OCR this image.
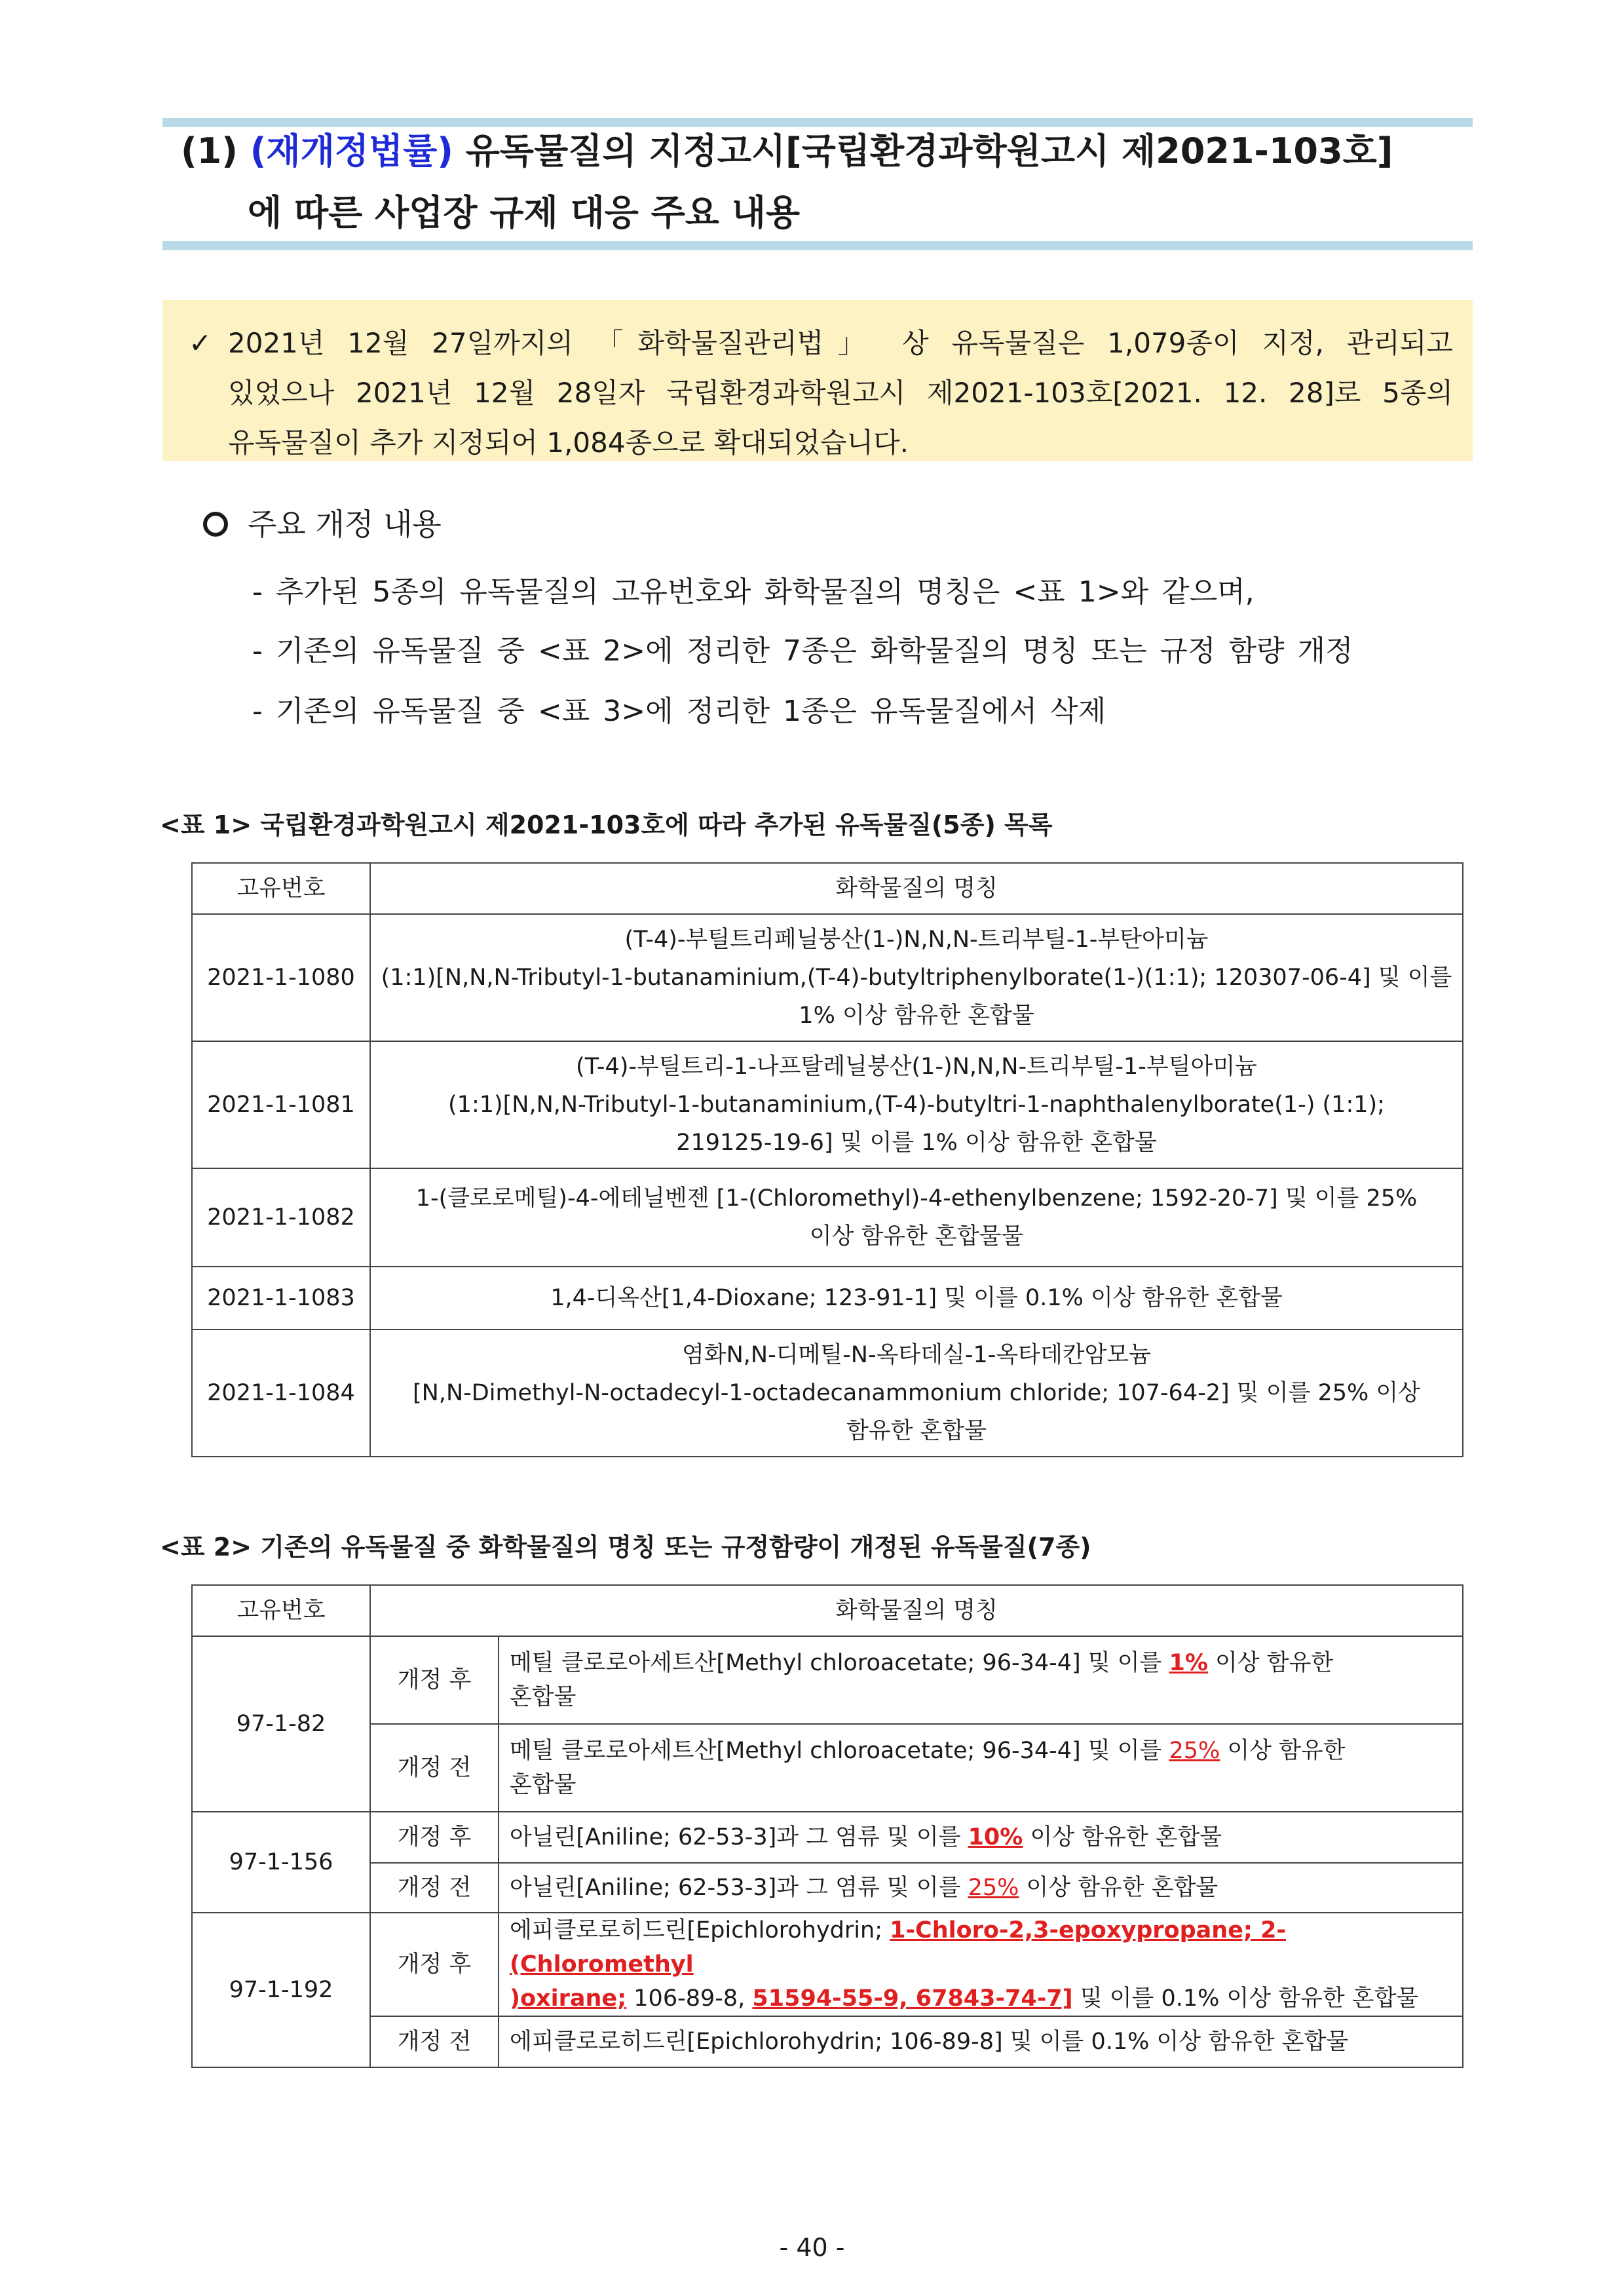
(1) (재개정법률) 유독물질의 지정고시[국립환경과학원고시 제2021-103호]
에 따른 사업장 규제 대응 주요 내용
✓ 2021년 12월 27일까지의 「화학물질관리법」 상 유독물질은 1,079종이 지정, 관리되고
있었으나 2021년 12월 28일자 국립환경과학원고시 제2021-103호[2021. 12. 28]로 5종의
유독물질이 추가 지정되어 1,084종으로 확대되었습니다.
주요 개정 내용
- 추가된 5종의 유독물질의 고유번호와 화학물질의 명칭은 <표 1>와 같으며,
- 기존의 유독물질 중 <표 2>에 정리한 7종은 화학물질의 명칭 또는 규정 함량 개정
- 기존의 유독물질 중 <표 3>에 정리한 1종은 유독물질에서 삭제
<표 1> 국립환경과학원고시 제2021-103호에 따라 추가된 유독물질(5종) 목록
고유번호	화학물질의 명칭
2021-1-1080	(T-4)-부틸트리페닐붕산(1-)N,N,N-트리부틸-1-부탄아미늄
(1:1)[N,N,N-Tributyl-1-butanaminium,(T-4)-butyltriphenylborate(1-)(1:1); 120307-06-4] 및 이를
1% 이상 함유한 혼합물

2021-1-1081	(T-4)-부틸트리-1-나프탈레닐붕산(1-)N,N,N-트리부틸-1-부틸아미늄
(1:1)[N,N,N-Tributyl-1-butanaminium,(T-4)-butyltri-1-naphthalenylborate(1-) (1:1);
219125-19-6] 및 이를 1% 이상 함유한 혼합물

2021-1-1082	1-(클로로메틸)-4-에테닐벤젠 [1-(Chloromethyl)-4-ethenylbenzene; 1592-20-7] 및 이를 25%
이상 함유한 혼합물물

2021-1-1083	1,4-디옥산[1,4-Dioxane; 123-91-1] 및 이를 0.1% 이상 함유한 혼합물

2021-1-1084	염화N,N-디메틸-N-옥타데실-1-옥타데칸암모늄
[N,N-Dimethyl-N-octadecyl-1-octadecanammonium chloride; 107-64-2] 및 이를 25% 이상
함유한 혼합물
<표 2> 기존의 유독물질 중 화학물질의 명칭 또는 규정함량이 개정된 유독물질(7종)
고유번호	화학물질의 명칭	
97-1-82	개정 후	메틸 클로로아세트산[Methyl chloroacetate; 96-34-4] 및 이를 1% 이상 함유한
혼합물
	개정 전	메틸 클로로아세트산[Methyl chloroacetate; 96-34-4] 및 이를 25% 이상 함유한
혼합물
97-1-156	개정 후	아닐린[Aniline; 62-53-3]과 그 염류 및 이를 10% 이상 함유한 혼합물
	개정 전	아닐린[Aniline; 62-53-3]과 그 염류 및 이를 25% 이상 함유한 혼합물
97-1-192	개정 후	에피클로로히드린[Epichlorohydrin; 1-Chloro-2,3-epoxypropane; 2-(Chloromethyl
)oxirane; 106-89-8, 51594-55-9, 67843-74-7] 및 이를 0.1% 이상 함유한 혼합물
	개정 전	에피클로로히드린[Epichlorohydrin; 106-89-8] 및 이를 0.1% 이상 함유한 혼합물
- 40 -
